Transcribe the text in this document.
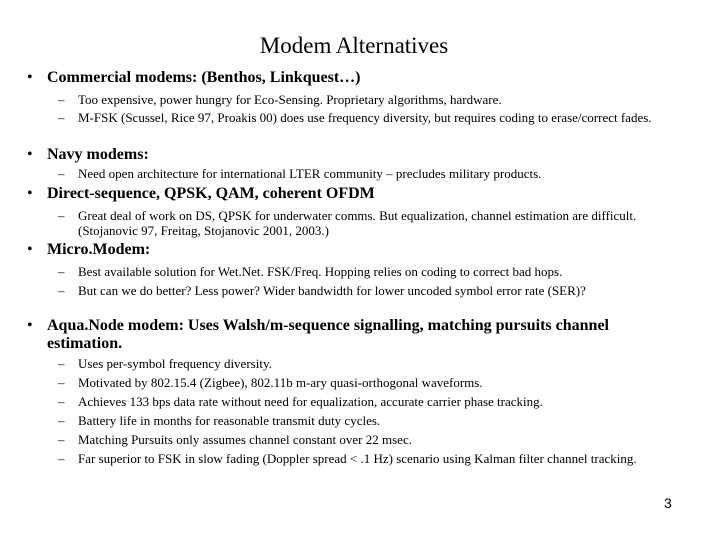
Modem Alternatives
• Commercial modems: (Benthos, Linkquest…)
– Too expensive, power hungry for Eco-Sensing. Proprietary algorithms, hardware.
– M-FSK (Scussel, Rice 97, Proakis 00) does use frequency diversity, but requires coding to erase/correct fades.
• Navy modems:
– Need open architecture for international LTER community – precludes military products.
• Direct-sequence, QPSK, QAM, coherent OFDM
– Great deal of work on DS, QPSK for underwater comms. But equalization, channel estimation are difficult. (Stojanovic 97, Freitag, Stojanovic 2001, 2003.)
• Micro.Modem:
– Best available solution for Wet.Net. FSK/Freq. Hopping relies on coding to correct bad hops.
– But can we do better? Less power? Wider bandwidth for lower uncoded symbol error rate (SER)?
• Aqua.Node modem: Uses Walsh/m-sequence signalling, matching pursuits channel estimation.
– Uses per-symbol frequency diversity.
– Motivated by 802.15.4 (Zigbee), 802.11b m-ary quasi-orthogonal waveforms.
– Achieves 133 bps data rate without need for equalization, accurate carrier phase tracking.
– Battery life in months for reasonable transmit duty cycles.
– Matching Pursuits only assumes channel constant over 22 msec.
– Far superior to FSK in slow fading (Doppler spread < .1 Hz) scenario using Kalman filter channel tracking.
3
